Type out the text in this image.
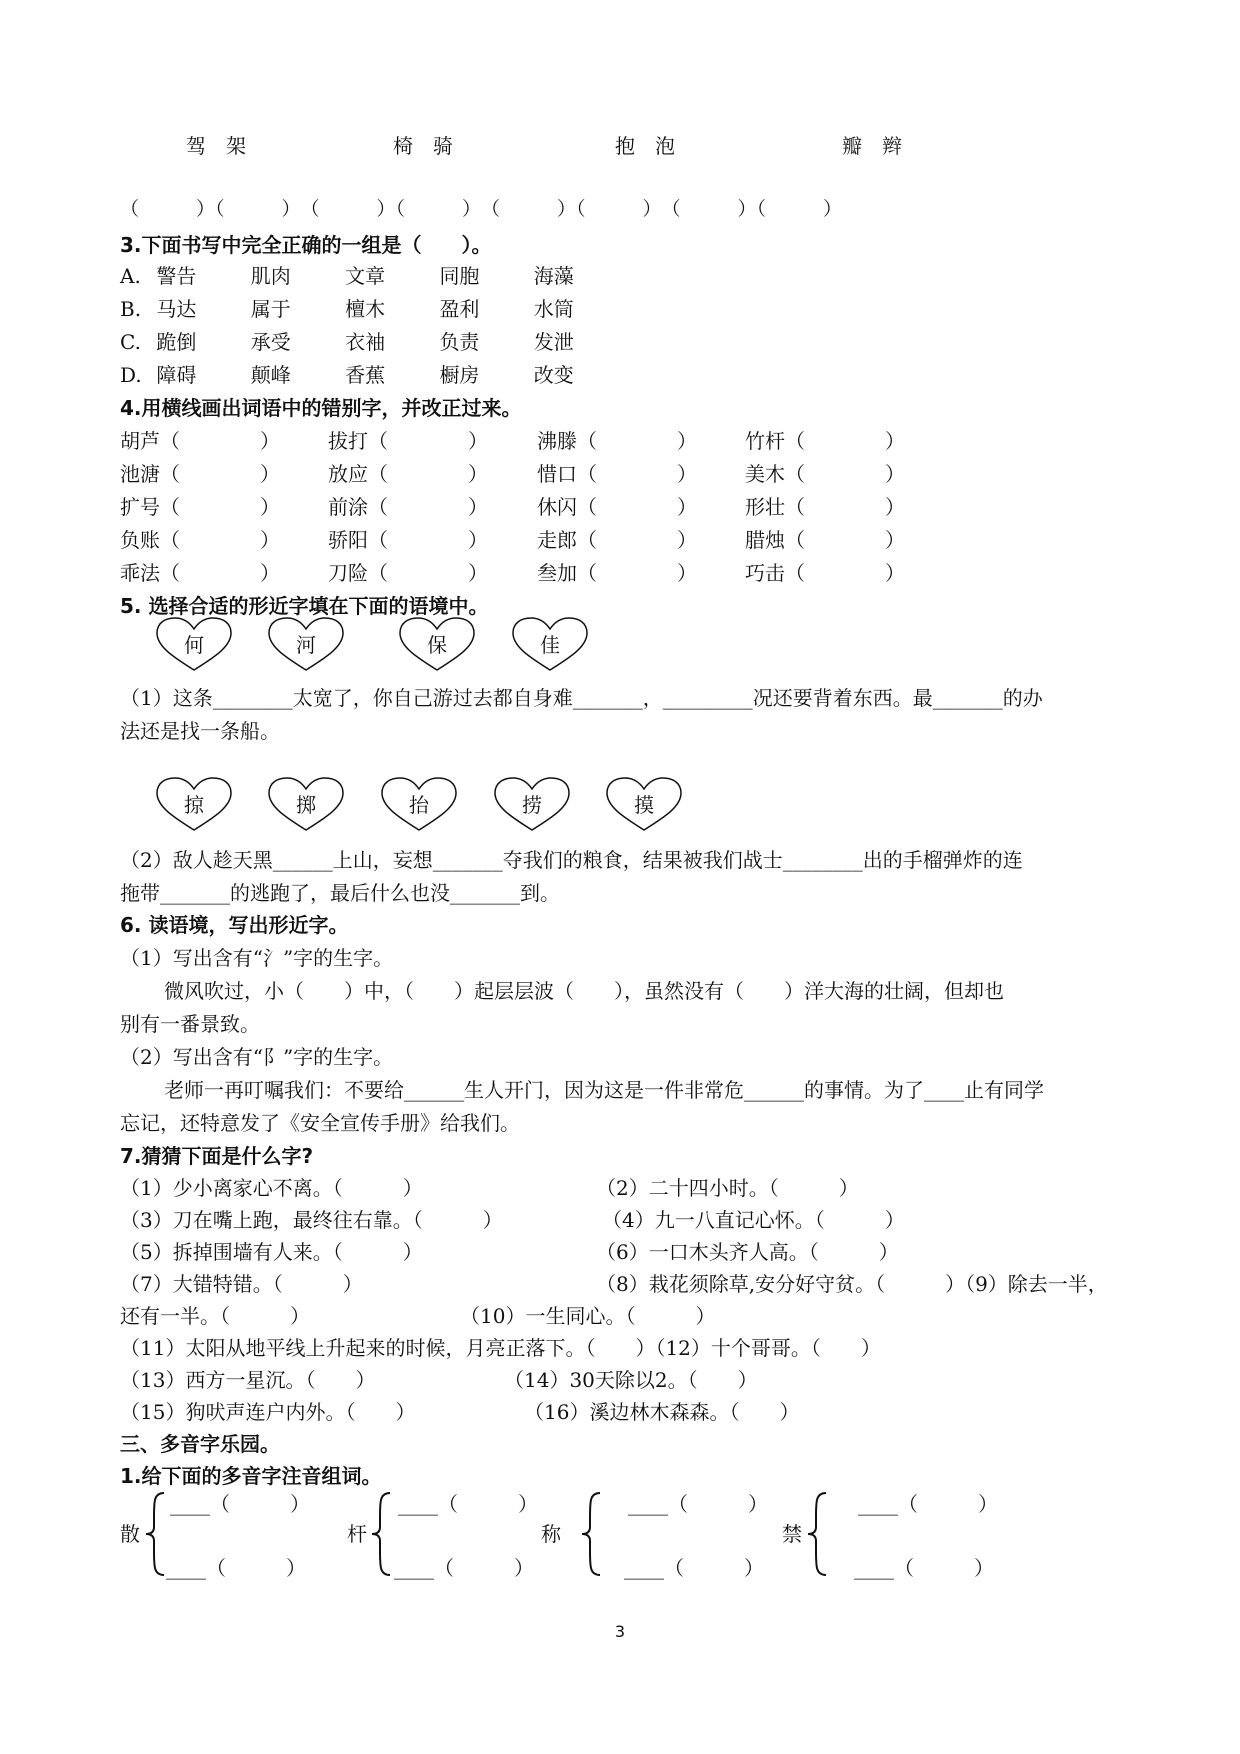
驾　架	椅　骑	抱　泡	瓣　辫
（　　　）（　　　）　（　　　）（　　　）　（　　　）（　　　）　（　　　）（　　　）
3.下面书写中完全正确的一组是（　　）。
A. 警告	肌肉	文章	同胞	海藻
B. 马达	属于	檀木	盈利	水筒
C. 跪倒	承受	衣袖	负责	发泄
D. 障碍	颠峰	香蕉	橱房	改变
4.用横线画出词语中的错别字，并改正过来。
胡芦（　　　　） 拔打（　　　　） 沸滕（　　　　） 竹杆（　　　　）
池溏（　　　　） 放应（　　　　） 惜口（　　　　） 美木（　　　　）
扩号（　　　　） 前涂（　　　　） 休闪（　　　　） 形壮（　　　　）
负账（　　　　） 骄阳（　　　　） 走郎（　　　　） 腊烛（　　　　）
乖法（　　　　） 刀险（　　　　） 叁加（　　　　） 巧击（　　　　）
5. 选择合适的形近字填在下面的语境中。
何	河	保	佳
（1）这条________太宽了，你自己游过去都自身难_______，_________况还要背着东西。最_______的办
法还是找一条船。
掠	掷	抬	捞	摸
（2）敌人趁天黑______上山，妄想_______夺我们的粮食，结果被我们战士________出的手榴弹炸的连
拖带_______的逃跑了，最后什么也没_______到。
6. 读语境，写出形近字。
（1）写出含有“氵”字的生字。
微风吹过，小（　　）中，（　　）起层层波（　　），虽然没有（　　）洋大海的壮阔，但却也
别有一番景致。
（2）写出含有“阝”字的生字。
老师一再叮嘱我们：不要给______生人开门，因为这是一件非常危______的事情。为了____止有同学
忘记，还特意发了《安全宣传手册》给我们。
7.猜猜下面是什么字?
（1）少小离家心不离。（　　　）	（2）二十四小时。（　　　）
（3）刀在嘴上跑，最终往右靠。（　　　）	（4）九一八直记心怀。（　　　）
（5）拆掉围墙有人来。（　　　）	（6）一口木头齐人高。（　　　）
（7）大错特错。（　　　）	（8）栽花须除草,安分好守贫。（　　　）（9）除去一半，
还有一半。（　　　）	（10）一生同心。（　　　）
（11）太阳从地平线上升起来的时候，月亮正落下。（　　）（12）十个哥哥。（　　）
（13）西方一星沉。（　　）	（14）30天除以2。（　　）
（15）狗吠声连户内外。（　　）	（16）溪边林木森森。（　　）
三、多音字乐园。
1.给下面的多音字注音组词。
散
____（　　　）
____（　　　）
杆
____（　　　）
____（　　　）
称
____（　　　）
____（　　　）
禁
____（　　　）
____（　　　）
3
